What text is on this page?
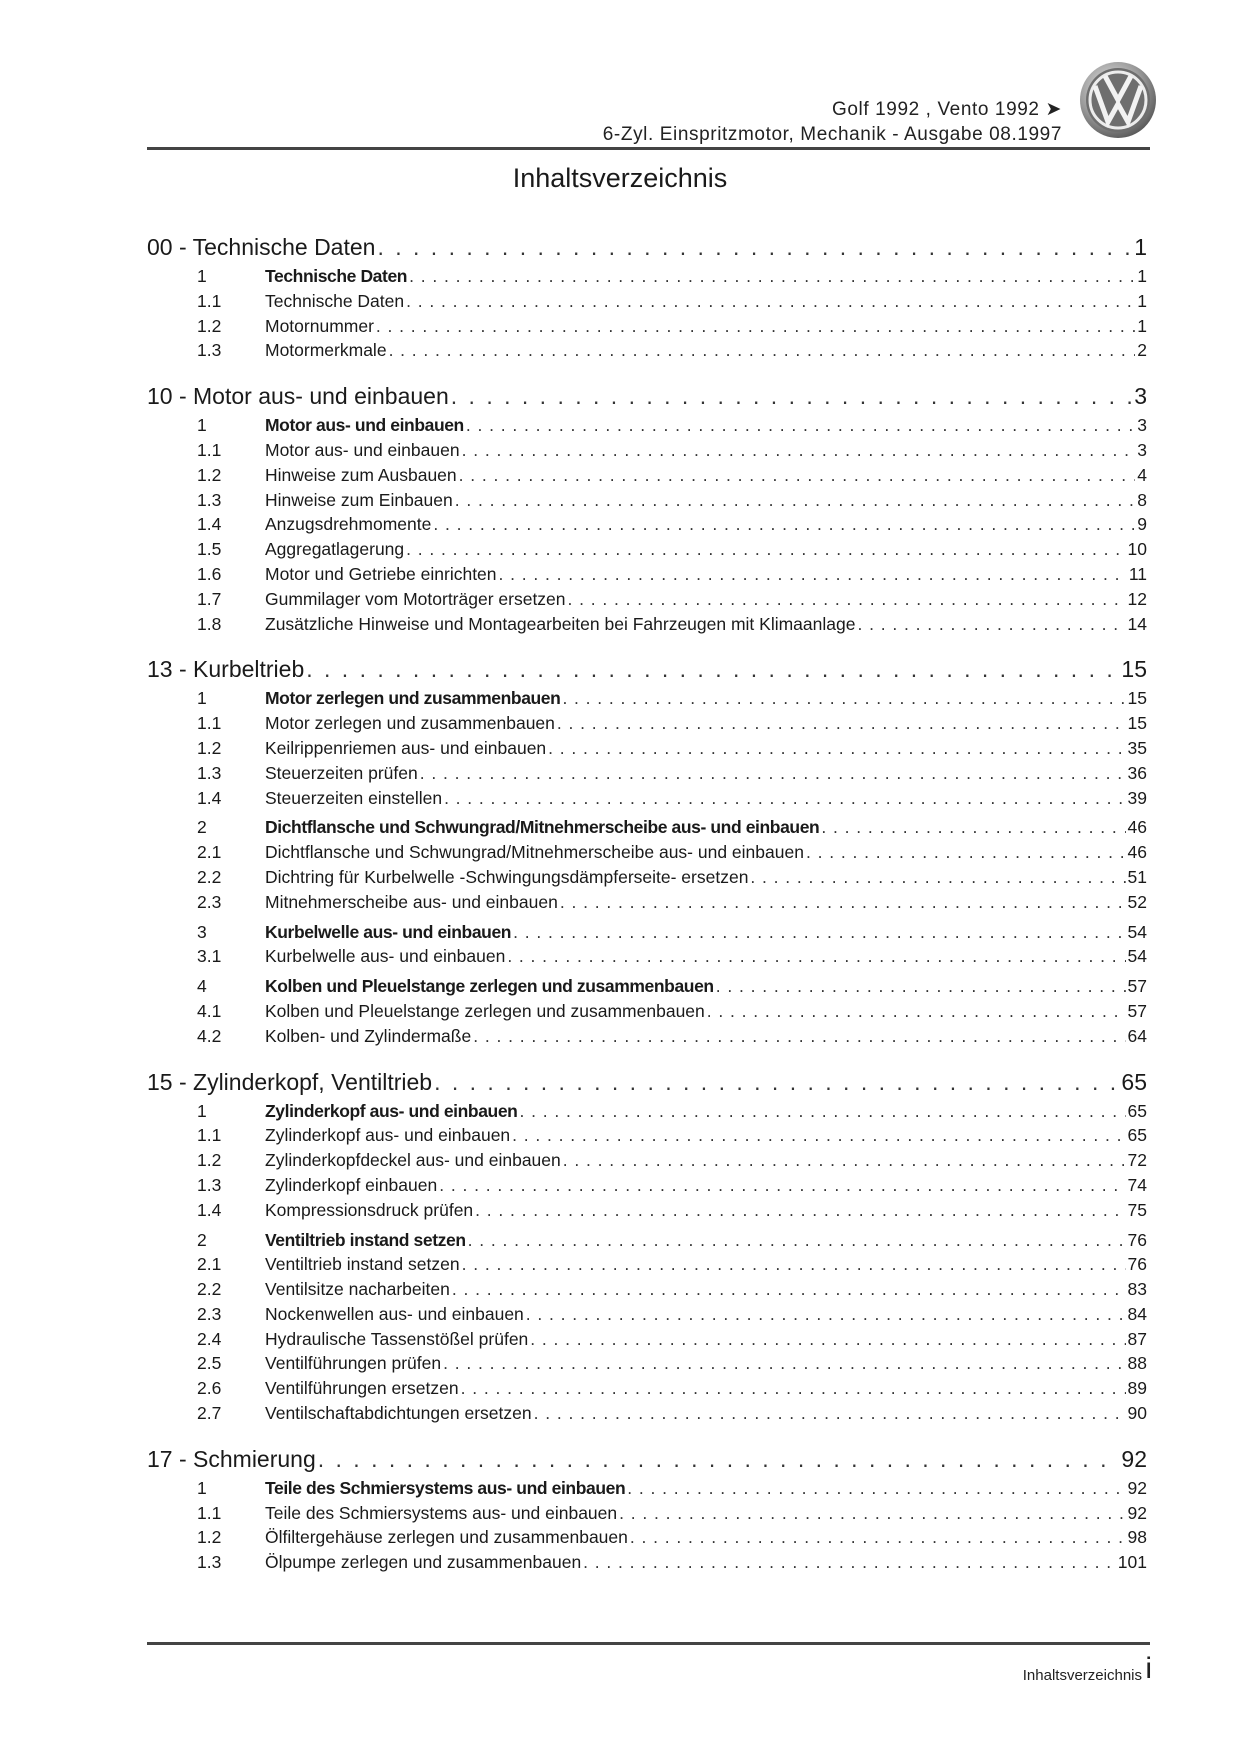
Golf 1992 , Vento 1992 ➤
6-Zyl. Einspritzmotor, Mechanik - Ausgabe 08.1997
Inhaltsverzeichnis
00 - Technische Daten . . .	1
1	Technische Daten . . .	1
1.1	Technische Daten . . .	1
1.2	Motornummer . . .	1
1.3	Motormerkmale . . .	2
10 - Motor aus- und einbauen . . .	3
1	Motor aus- und einbauen . . .	3
1.1	Motor aus- und einbauen . . .	3
1.2	Hinweise zum Ausbauen . . .	4
1.3	Hinweise zum Einbauen . . .	8
1.4	Anzugsdrehmomente . . .	9
1.5	Aggregatlagerung . . .	10
1.6	Motor und Getriebe einrichten . . .	11
1.7	Gummilager vom Motorträger ersetzen . . .	12
1.8	Zusätzliche Hinweise und Montagearbeiten bei Fahrzeugen mit Klimaanlage . . .	14
13 - Kurbeltrieb . . .	15
1	Motor zerlegen und zusammenbauen . . .	15
1.1	Motor zerlegen und zusammenbauen . . .	15
1.2	Keilrippenriemen aus- und einbauen . . .	35
1.3	Steuerzeiten prüfen . . .	36
1.4	Steuerzeiten einstellen . . .	39
2	Dichtflansche und Schwungrad/Mitnehmerscheibe aus- und einbauen . . .	46
2.1	Dichtflansche und Schwungrad/Mitnehmerscheibe aus- und einbauen . . .	46
2.2	Dichtring für Kurbelwelle -Schwingungsdämpferseite- ersetzen . . .	51
2.3	Mitnehmerscheibe aus- und einbauen . . .	52
3	Kurbelwelle aus- und einbauen . . .	54
3.1	Kurbelwelle aus- und einbauen . . .	54
4	Kolben und Pleuelstange zerlegen und zusammenbauen . . .	57
4.1	Kolben und Pleuelstange zerlegen und zusammenbauen . . .	57
4.2	Kolben- und Zylindermaße . . .	64
15 - Zylinderkopf, Ventiltrieb . . .	65
1	Zylinderkopf aus- und einbauen . . .	65
1.1	Zylinderkopf aus- und einbauen . . .	65
1.2	Zylinderkopfdeckel aus- und einbauen . . .	72
1.3	Zylinderkopf einbauen . . .	74
1.4	Kompressionsdruck prüfen . . .	75
2	Ventiltrieb instand setzen . . .	76
2.1	Ventiltrieb instand setzen . . .	76
2.2	Ventilsitze nacharbeiten . . .	83
2.3	Nockenwellen aus- und einbauen . . .	84
2.4	Hydraulische Tassenstößel prüfen . . .	87
2.5	Ventilführungen prüfen . . .	88
2.6	Ventilführungen ersetzen . . .	89
2.7	Ventilschaftabdichtungen ersetzen . . .	90
17 - Schmierung . . .	92
1	Teile des Schmiersystems aus- und einbauen . . .	92
1.1	Teile des Schmiersystems aus- und einbauen . . .	92
1.2	Ölfiltergehäuse zerlegen und zusammenbauen . . .	98
1.3	Ölpumpe zerlegen und zusammenbauen . . .	101
Inhaltsverzeichnis i
